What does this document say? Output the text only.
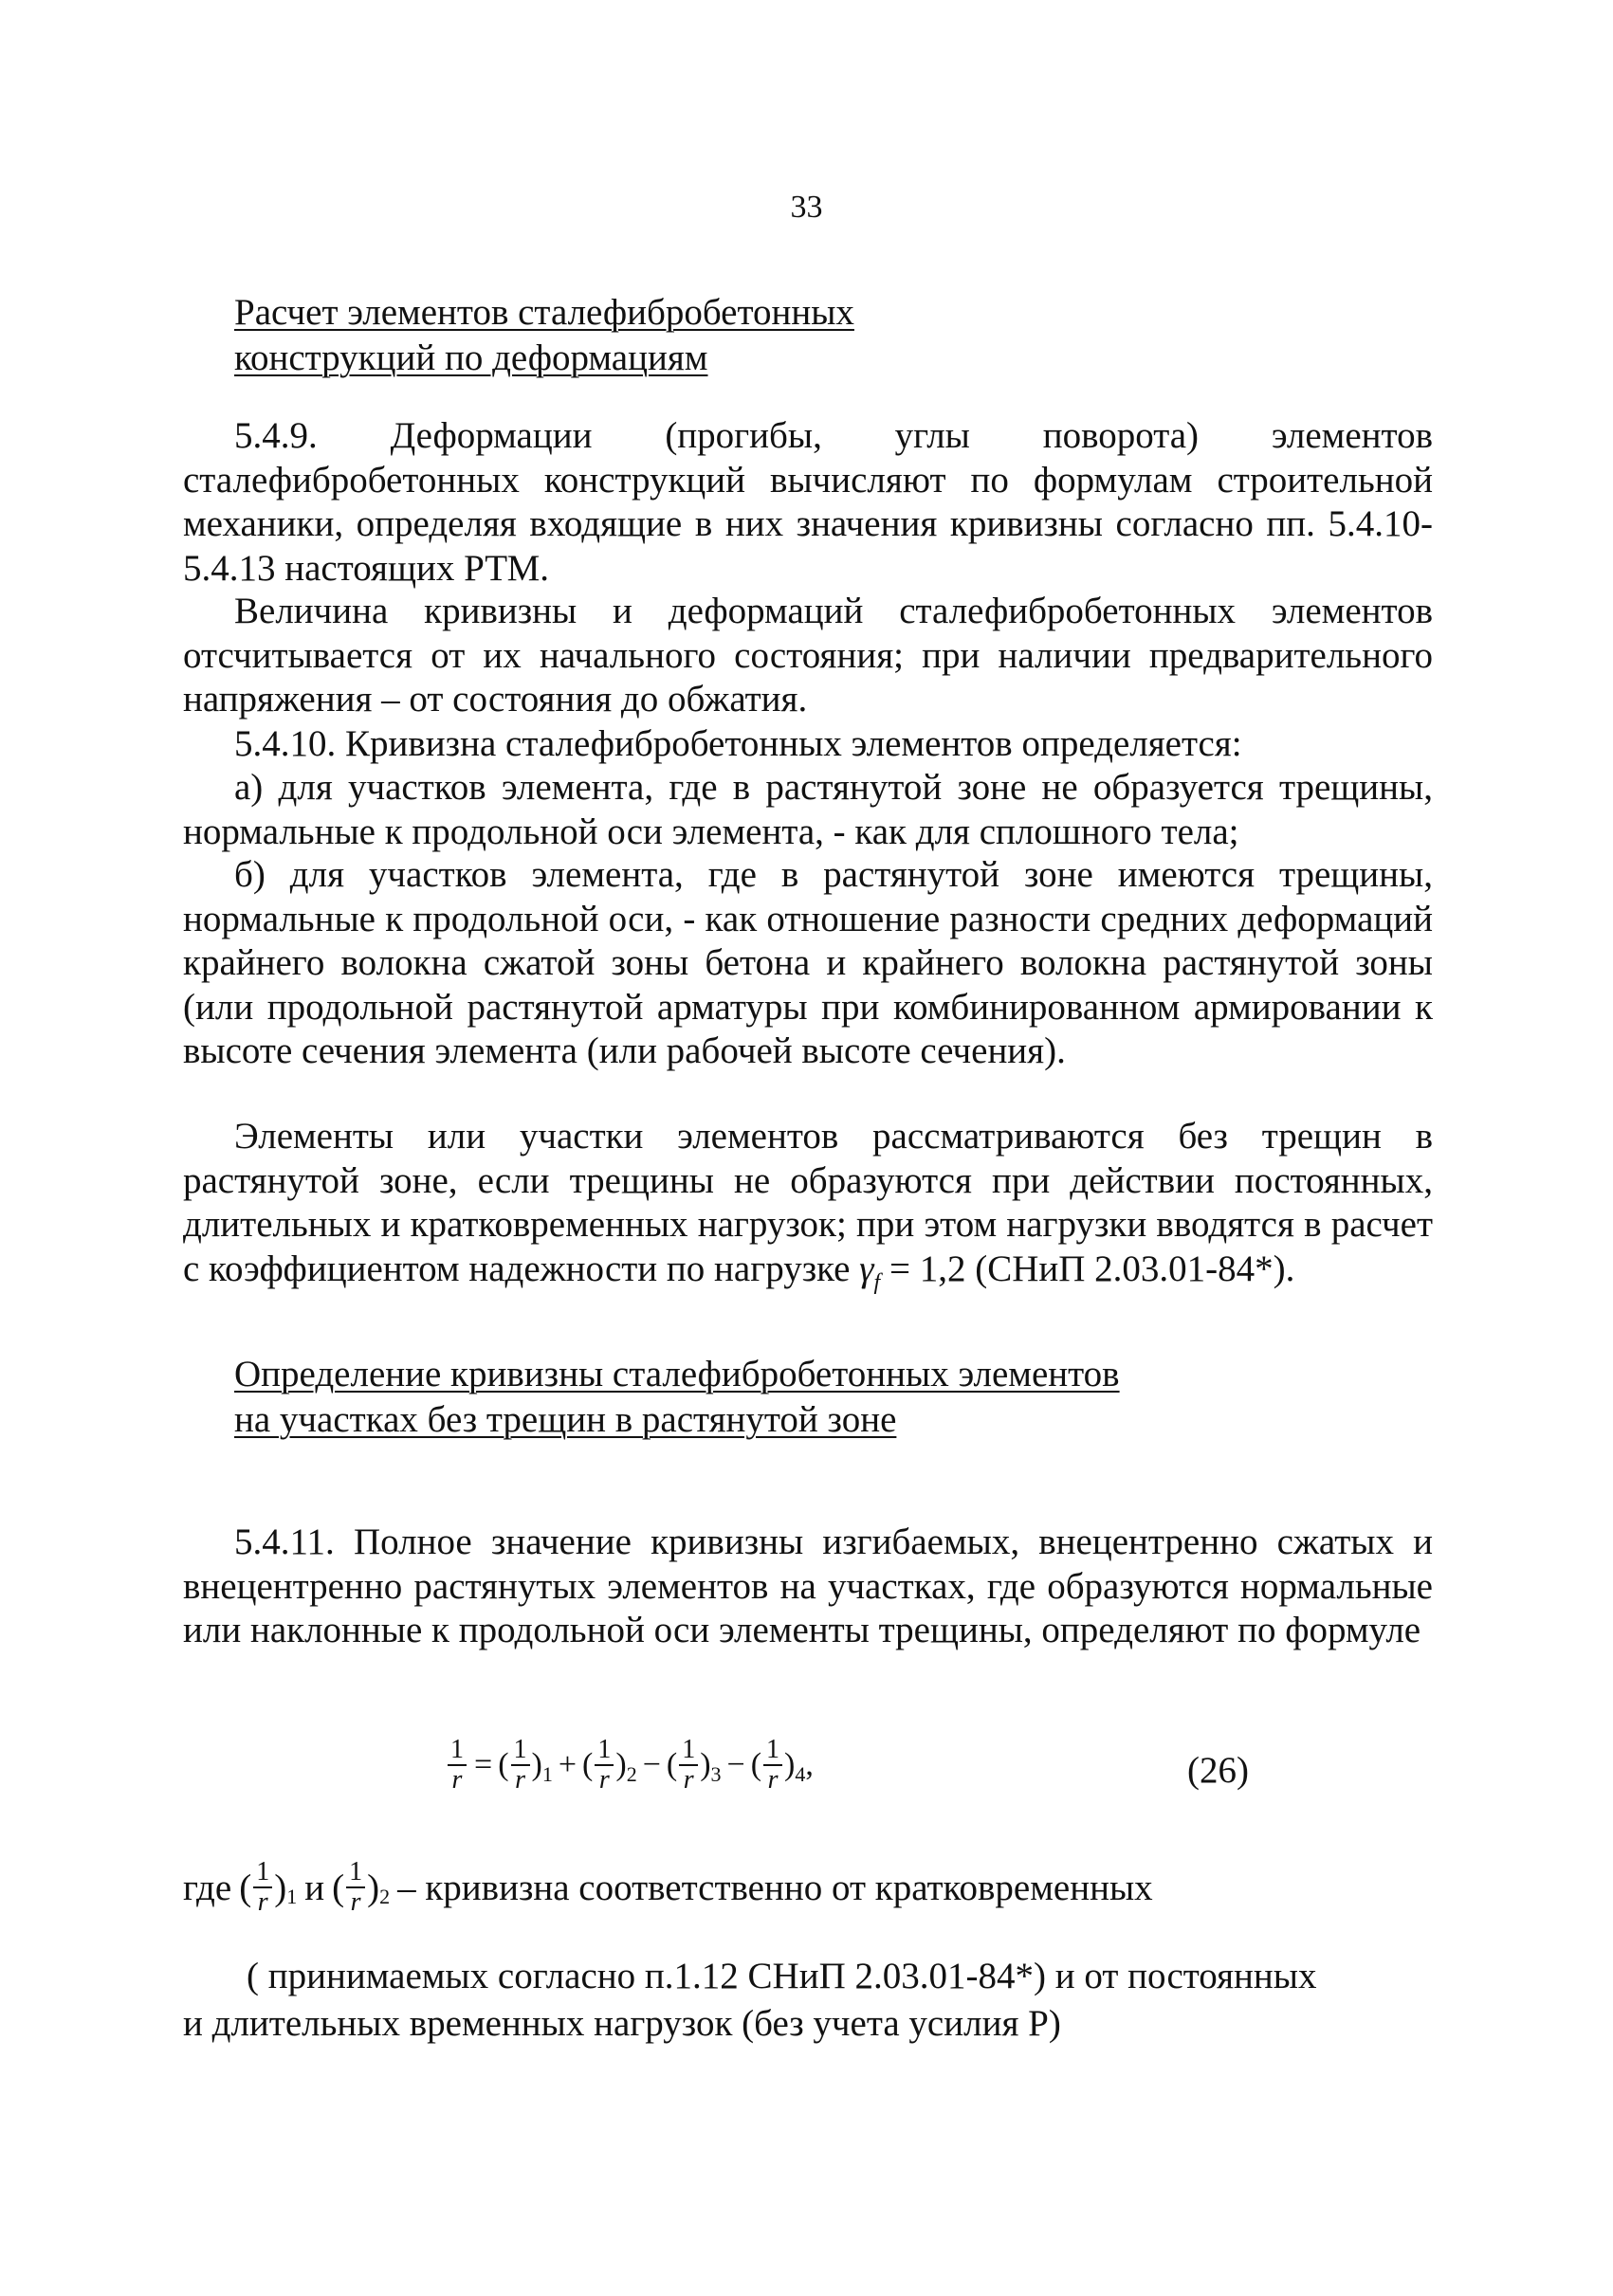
33
Расчет элементов сталефибробетонных
конструкций по деформациям
5.4.9. Деформации (прогибы, углы поворота) элементов сталефибробетонных конструкций вычисляют по формулам строительной механики, определяя входящие в них значения кривизны согласно пп. 5.4.10-5.4.13 настоящих РТМ.
Величина кривизны и деформаций сталефибробетонных элементов отсчитывается от их начального состояния; при наличии предварительного напряжения – от состояния до обжатия.
5.4.10. Кривизна сталефибробетонных элементов определяется:
а) для участков элемента, где в растянутой зоне не образуется трещины, нормальные к продольной оси элемента, - как для сплошного тела;
б) для участков элемента, где в растянутой зоне имеются трещины, нормальные к продольной оси, - как отношение разности средних деформаций крайнего волокна сжатой зоны бетона и крайнего волокна растянутой зоны (или продольной растянутой арматуры при комбинированном армировании к высоте сечения элемента (или рабочей высоте сечения).
Элементы или участки элементов рассматриваются без трещин в растянутой зоне, если трещины не образуются при действии постоянных, длительных и кратковременных нагрузок; при этом нагрузки вводятся в расчет с коэффициентом надежности по нагрузке $\gamma_f = 1,2$ (СНиП 2.03.01-84*).
Определение кривизны сталефибробетонных элементов
на участках без трещин в растянутой зоне
5.4.11. Полное значение кривизны изгибаемых, внецентренно сжатых и внецентренно растянутых элементов на участках, где образуются нормальные или наклонные к продольной оси элементы трещины, определяют по формуле
$\frac{1}{r}$ = ( $\frac{1}{r}$ ) 1 + ( $\frac{1}{r}$ ) 2 − ( $\frac{1}{r}$ ) 3 − ( $\frac{1}{r}$ ) 4 ,	(26)
где ( $\frac{1}{r}$ ) 1 и ( $\frac{1}{r}$ ) 2 – кривизна соответственно от кратковременных
( принимаемых согласно п.1.12 СНиП 2.03.01-84*) и от постоянных
и длительных временных нагрузок (без учета усилия Р)
